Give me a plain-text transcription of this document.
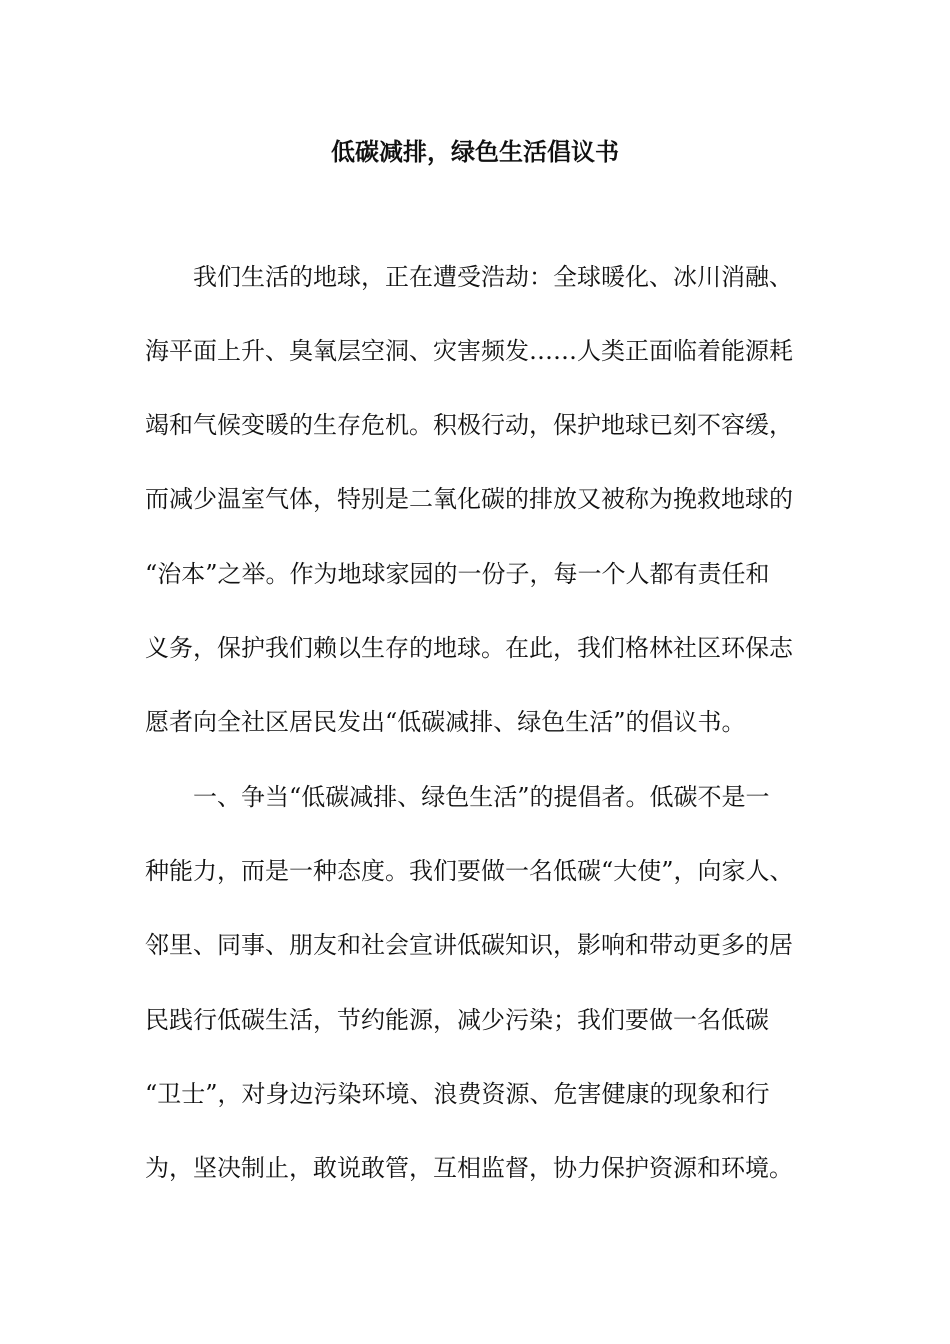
低碳减排，绿色生活倡议书
我们生活的地球，正在遭受浩劫：全球暖化、冰川消融、
海平面上升、臭氧层空洞、灾害频发……人类正面临着能源耗
竭和气候变暖的生存危机。积极行动，保护地球已刻不容缓，
而减少温室气体，特别是二氧化碳的排放又被称为挽救地球的
“治本”之举。作为地球家园的一份子，每一个人都有责任和
义务，保护我们赖以生存的地球。在此，我们格林社区环保志
愿者向全社区居民发出“低碳减排、绿色生活”的倡议书。
一、争当“低碳减排、绿色生活”的提倡者。低碳不是一
种能力，而是一种态度。我们要做一名低碳“大使”，向家人、
邻里、同事、朋友和社会宣讲低碳知识，影响和带动更多的居
民践行低碳生活，节约能源，减少污染；我们要做一名低碳
“卫士”，对身边污染环境、浪费资源、危害健康的现象和行
为，坚决制止，敢说敢管，互相监督，协力保护资源和环境。
